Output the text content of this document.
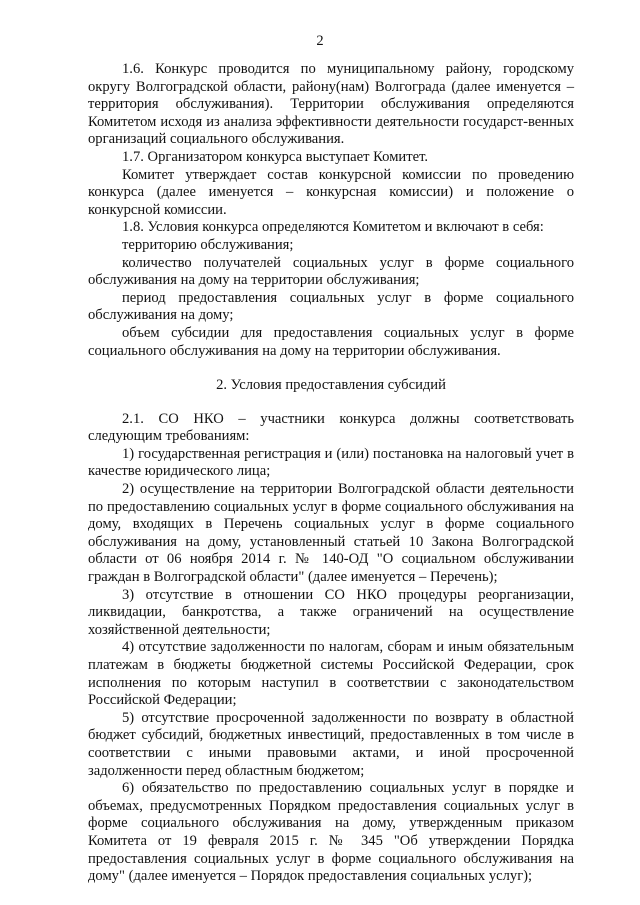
2

1.6. Конкурс проводится по муниципальному району, городскому округу Волгоградской области, району(нам) Волгограда (далее именуется – территория обслуживания). Территории обслуживания определяются Комитетом исходя из анализа эффективности деятельности государст-венных организаций социального обслуживания.

1.7. Организатором конкурса выступает Комитет.

Комитет утверждает состав конкурсной комиссии по проведению конкурса (далее именуется – конкурсная комиссии) и положение о конкурсной комиссии.

1.8. Условия конкурса определяются Комитетом и включают в себя:

территорию обслуживания;

количество получателей социальных услуг в форме социального обслуживания на дому на территории обслуживания;

период предоставления социальных услуг в форме социального обслуживания на дому;

объем субсидии для предоставления социальных услуг в форме социального обслуживания на дому на территории обслуживания.

2. Условия предоставления субсидий

2.1. СО НКО – участники конкурса должны соответствовать следующим требованиям:

1) государственная регистрация и (или) постановка на налоговый учет в качестве юридического лица;

2) осуществление на территории Волгоградской области деятельности по предоставлению социальных услуг в форме социального обслуживания на дому, входящих в Перечень социальных услуг в форме социального обслуживания на дому, установленный статьей 10 Закона Волгоградской области от 06 ноября 2014 г. № 140-ОД "О социальном обслуживании граждан в Волгоградской области" (далее именуется – Перечень);

3) отсутствие в отношении СО НКО процедуры реорганизации, ликвидации, банкротства, а также ограничений на осуществление хозяйственной деятельности;

4) отсутствие задолженности по налогам, сборам и иным обязательным платежам в бюджеты бюджетной системы Российской Федерации, срок исполнения по которым наступил в соответствии с законодательством Российской Федерации;

5) отсутствие просроченной задолженности по возврату в областной бюджет субсидий, бюджетных инвестиций, предоставленных в том числе в соответствии с иными правовыми актами, и иной просроченной задолженности перед областным бюджетом;

6) обязательство по предоставлению социальных услуг в порядке и объемах, предусмотренных Порядком предоставления социальных услуг в форме социального обслуживания на дому, утвержденным приказом Комитета от 19 февраля 2015 г. № 345 "Об утверждении Порядка предоставления социальных услуг в форме социального обслуживания на дому" (далее именуется – Порядок предоставления социальных услуг);
